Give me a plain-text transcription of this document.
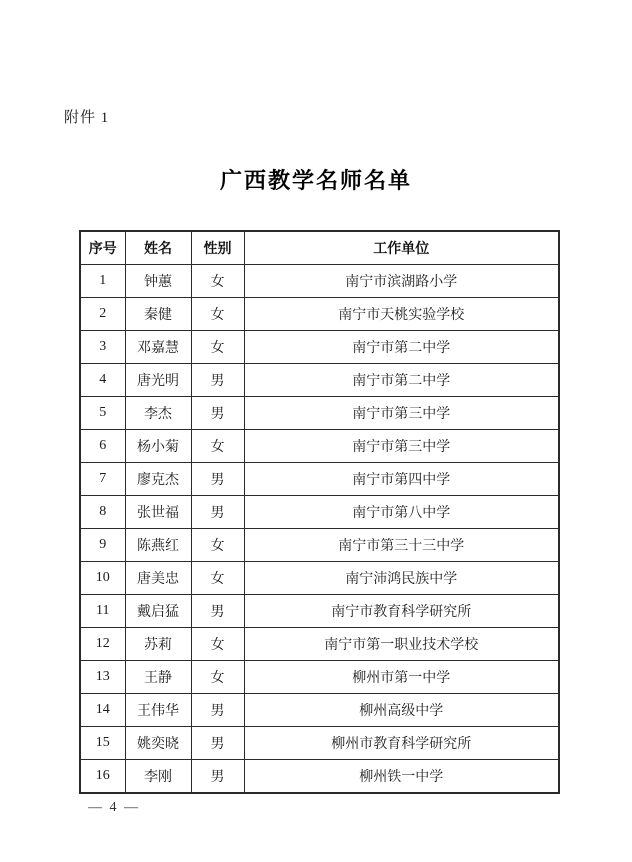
附件 1
广西教学名师名单
序号	姓名	性别	工作单位
1	钟蕙	女	南宁市滨湖路小学
2	秦健	女	南宁市天桃实验学校
3	邓嘉慧	女	南宁市第二中学
4	唐光明	男	南宁市第二中学
5	李杰	男	南宁市第三中学
6	杨小菊	女	南宁市第三中学
7	廖克杰	男	南宁市第四中学
8	张世福	男	南宁市第八中学
9	陈燕红	女	南宁市第三十三中学
10	唐美忠	女	南宁沛鸿民族中学
11	戴启猛	男	南宁市教育科学研究所
12	苏莉	女	南宁市第一职业技术学校
13	王静	女	柳州市第一中学
14	王伟华	男	柳州高级中学
15	姚奕晓	男	柳州市教育科学研究所
16	李刚	男	柳州铁一中学
— 4 —
